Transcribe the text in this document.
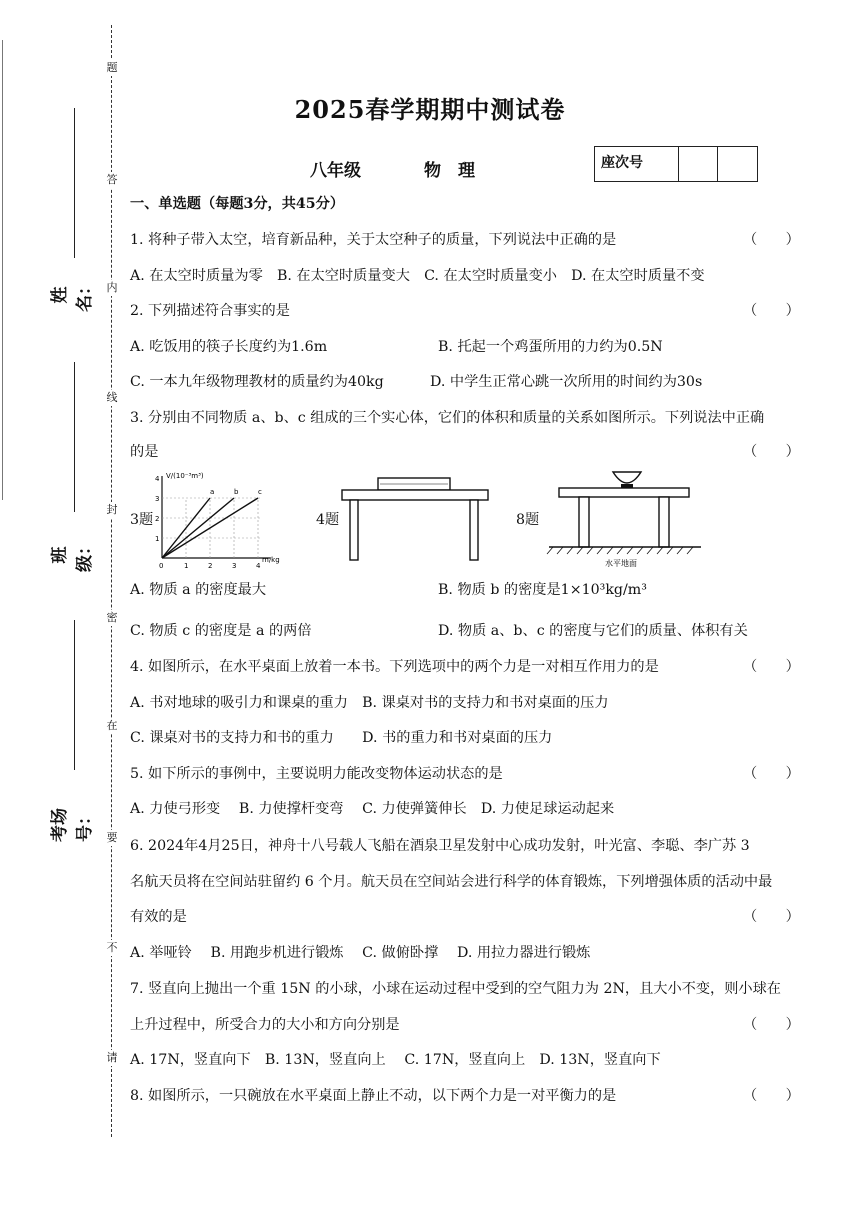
题
答
内
线
封
密
在
要
不
请
姓名：
班级：
考场号：
2025春学期期中测试卷
八年级	物　理	座次号
一、单选题（每题3分，共45分）
1. 将种子带入太空，培育新品种，关于太空种子的质量，下列说法中正确的是	（　　）
A. 在太空时质量为零　B. 在太空时质量变大　C. 在太空时质量变小　D. 在太空时质量不变
2. 下列描述符合事实的是	（　　）
A. 吃饭用的筷子长度约为1.6m	B. 托起一个鸡蛋所用的力约为0.5N
C. 一本九年级物理教材的质量约为40kg	D. 中学生正常心跳一次所用的时间约为30s
3. 分别由不同物质 a、b、c 组成的三个实心体，它们的体积和质量的关系如图所示。下列说法中正确
的是	（　　）
3题
V/(10⁻³m³)
m/kg
a	b	c
0	1	2	3	4
1
2
3
4
4题	8题
水平地面
A. 物质 a 的密度最大	B. 物质 b 的密度是1×10³kg/m³
C. 物质 c 的密度是 a 的两倍	D. 物质 a、b、c 的密度与它们的质量、体积有关
4. 如图所示，在水平桌面上放着一本书。下列选项中的两个力是一对相互作用力的是	（　　）
A. 书对地球的吸引力和课桌的重力　B. 课桌对书的支持力和书对桌面的压力
C. 课桌对书的支持力和书的重力　　D. 书的重力和书对桌面的压力
5. 如下所示的事例中，主要说明力能改变物体运动状态的是	（　　）
A. 力使弓形变　 B. 力使撑杆变弯　 C. 力使弹簧伸长　D. 力使足球运动起来
6. 2024年4月25日，神舟十八号载人飞船在酒泉卫星发射中心成功发射，叶光富、李聪、李广苏 3
名航天员将在空间站驻留约 6 个月。航天员在空间站会进行科学的体育锻炼，下列增强体质的活动中最
有效的是	（　　）
A. 举哑铃　 B. 用跑步机进行锻炼　 C. 做俯卧撑　 D. 用拉力器进行锻炼
7. 竖直向上抛出一个重 15N 的小球，小球在运动过程中受到的空气阻力为 2N，且大小不变，则小球在
上升过程中，所受合力的大小和方向分别是	（　　）
A. 17N，竖直向下　B. 13N，竖直向上　 C. 17N，竖直向上　D. 13N，竖直向下
8. 如图所示，一只碗放在水平桌面上静止不动，以下两个力是一对平衡力的是	（　　）
